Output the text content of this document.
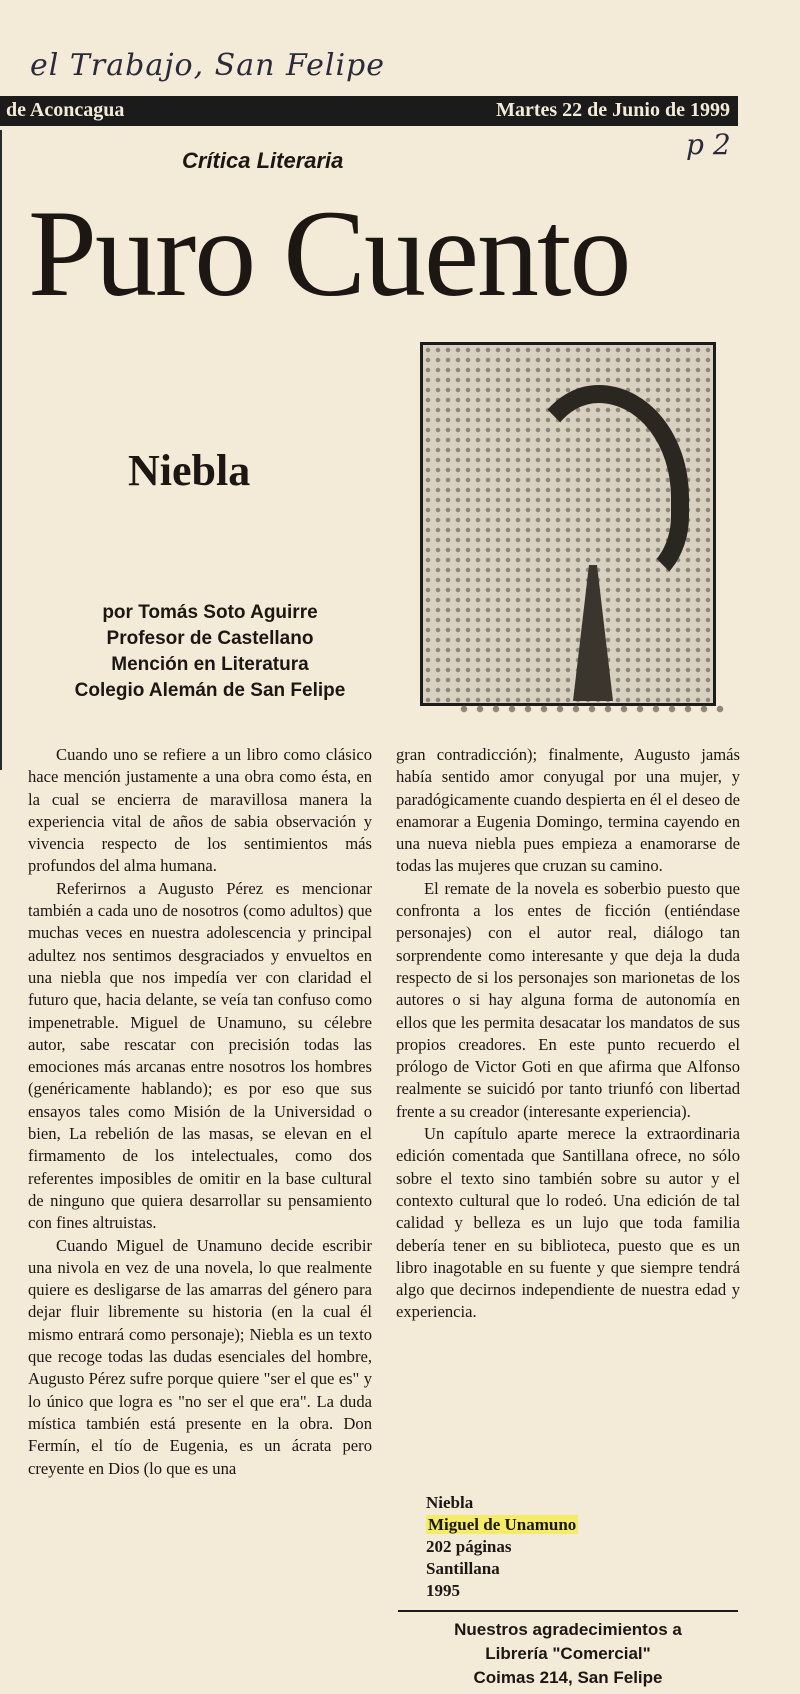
el Trabajo, San Felipe
de Aconcagua	Martes 22 de Junio de 1999
p 2
Crítica Literaria
Puro Cuento
Niebla
por Tomás Soto Aguirre
Profesor de Castellano
Mención en Literatura
Colegio Alemán de San Felipe

Cuando uno se refiere a un libro como clásico hace mención justamente a una obra como ésta, en la cual se encierra de maravillosa manera la experiencia vital de años de sabia observación y vivencia respecto de los sentimientos más profundos del alma humana.

Referirnos a Augusto Pérez es mencionar también a cada uno de nosotros (como adultos) que muchas veces en nuestra adolescencia y principal adultez nos sentimos desgraciados y envueltos en una niebla que nos impedía ver con claridad el futuro que, hacia delante, se veía tan confuso como impenetrable. Miguel de Unamuno, su célebre autor, sabe rescatar con precisión todas las emociones más arcanas entre nosotros los hombres (genéricamente hablando); es por eso que sus ensayos tales como Misión de la Universidad o bien, La rebelión de las masas, se elevan en el firmamento de los intelectuales, como dos referentes imposibles de omitir en la base cultural de ninguno que quiera desarrollar su pensamiento con fines altruistas.

Cuando Miguel de Unamuno decide escribir una nivola en vez de una novela, lo que realmente quiere es desligarse de las amarras del género para dejar fluir libremente su historia (en la cual él mismo entrará como personaje); Niebla es un texto que recoge todas las dudas esenciales del hombre, Augusto Pérez sufre porque quiere "ser el que es" y lo único que logra es "no ser el que era". La duda mística también está presente en la obra. Don Fermín, el tío de Eugenia, es un ácrata pero creyente en Dios (lo que es una

gran contradicción); finalmente, Augusto jamás había sentido amor conyugal por una mujer, y paradógicamente cuando despierta en él el deseo de enamorar a Eugenia Domingo, termina cayendo en una nueva niebla pues empieza a enamorarse de todas las mujeres que cruzan su camino.

El remate de la novela es soberbio puesto que confronta a los entes de ficción (entiéndase personajes) con el autor real, diálogo tan sorprendente como interesante y que deja la duda respecto de si los personajes son marionetas de los autores o si hay alguna forma de autonomía en ellos que les permita desacatar los mandatos de sus propios creadores. En este punto recuerdo el prólogo de Victor Goti en que afirma que Alfonso realmente se suicidó por tanto triunfó con libertad frente a su creador (interesante experiencia).

Un capítulo aparte merece la extraordinaria edición comentada que Santillana ofrece, no sólo sobre el texto sino también sobre su autor y el contexto cultural que lo rodeó. Una edición de tal calidad y belleza es un lujo que toda familia debería tener en su biblioteca, puesto que es un libro inagotable en su fuente y que siempre tendrá algo que decirnos independiente de nuestra edad y experiencia.

Niebla
Miguel de Unamuno
202 páginas
Santillana
1995
Nuestros agradecimientos a
Librería "Comercial"
Coimas 214, San Felipe
